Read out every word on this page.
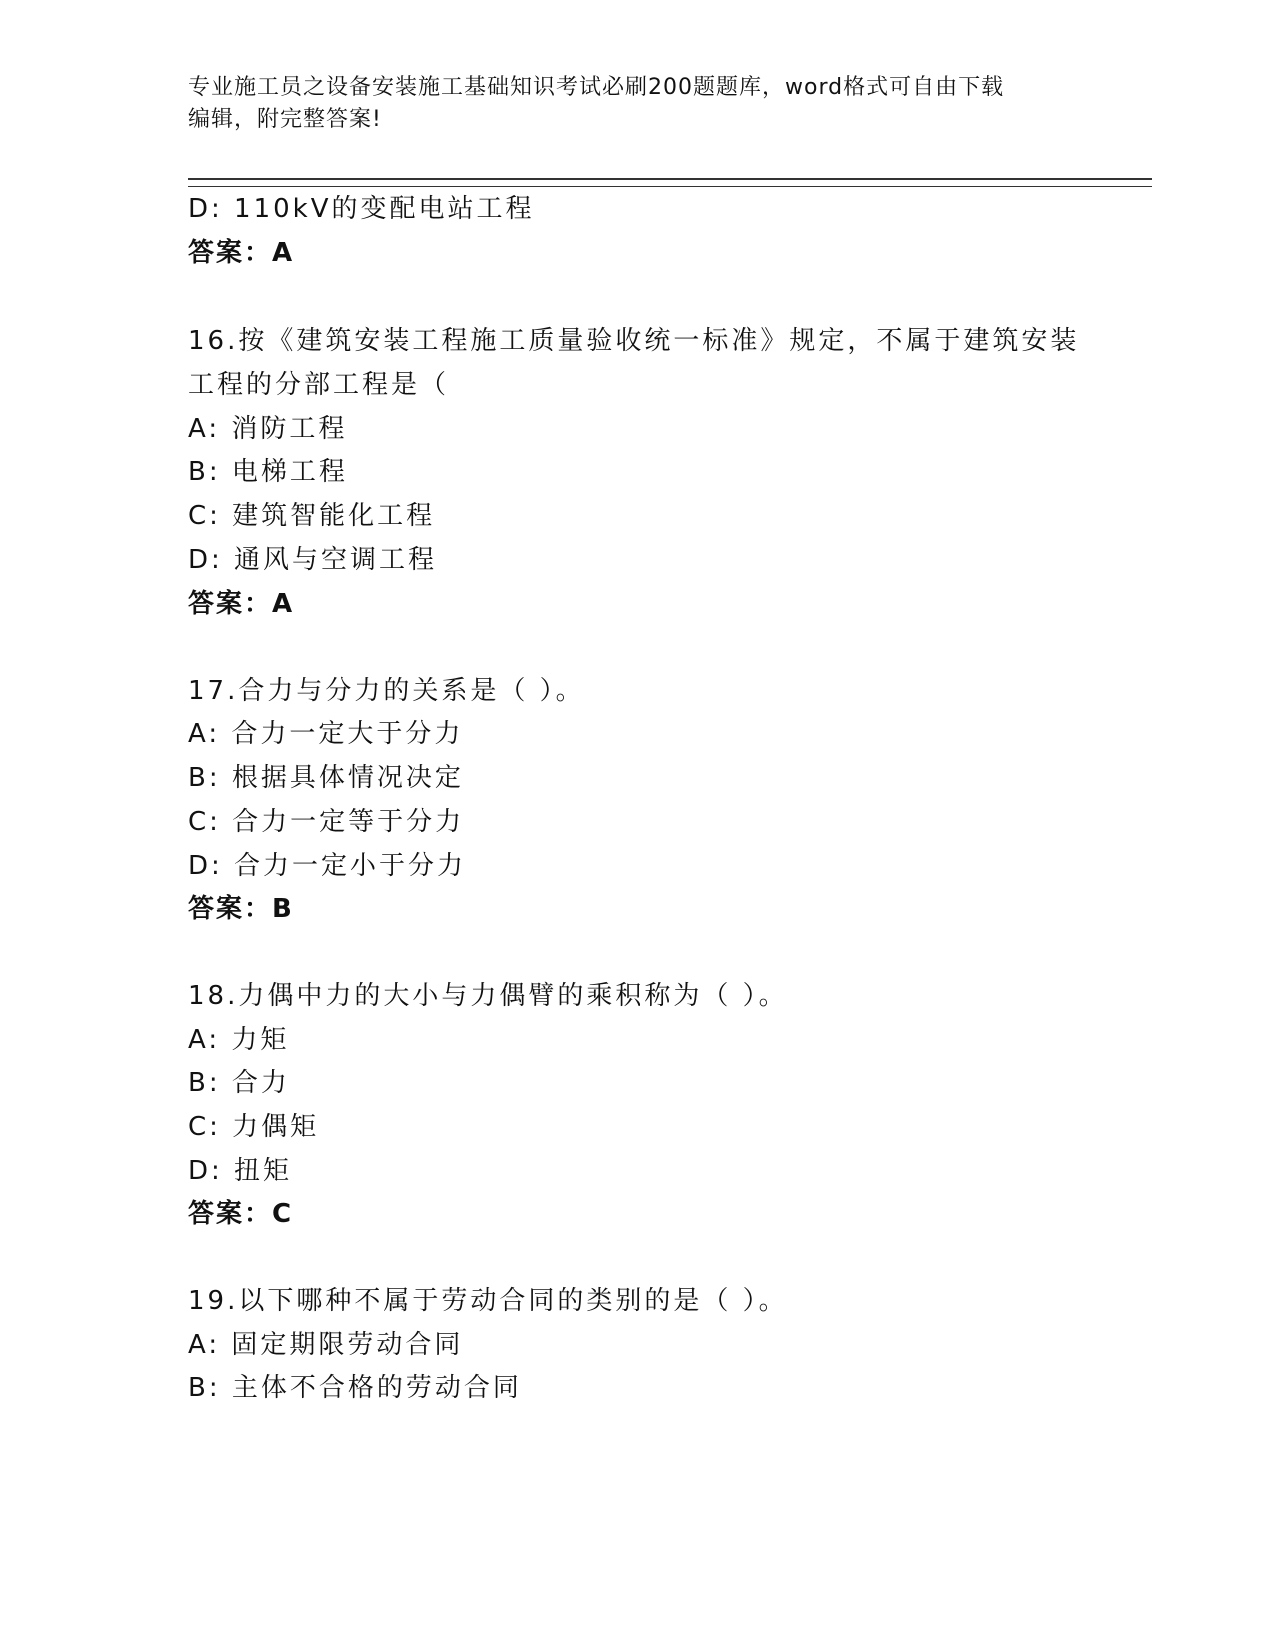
专业施工员之设备安装施工基础知识考试必刷200题题库，word格式可自由下载
编辑，附完整答案!
D: 110kV的变配电站工程
答案：A
16.按《建筑安装工程施工质量验收统一标准》规定，不属于建筑安装
工程的分部工程是（
A: 消防工程
B: 电梯工程
C: 建筑智能化工程
D: 通风与空调工程
答案：A
17.合力与分力的关系是（ ）。
A: 合力一定大于分力
B: 根据具体情况决定
C: 合力一定等于分力
D: 合力一定小于分力
答案：B
18.力偶中力的大小与力偶臂的乘积称为（ ）。
A: 力矩
B: 合力
C: 力偶矩
D: 扭矩
答案：C
19.以下哪种不属于劳动合同的类别的是（ ）。
A: 固定期限劳动合同
B: 主体不合格的劳动合同
